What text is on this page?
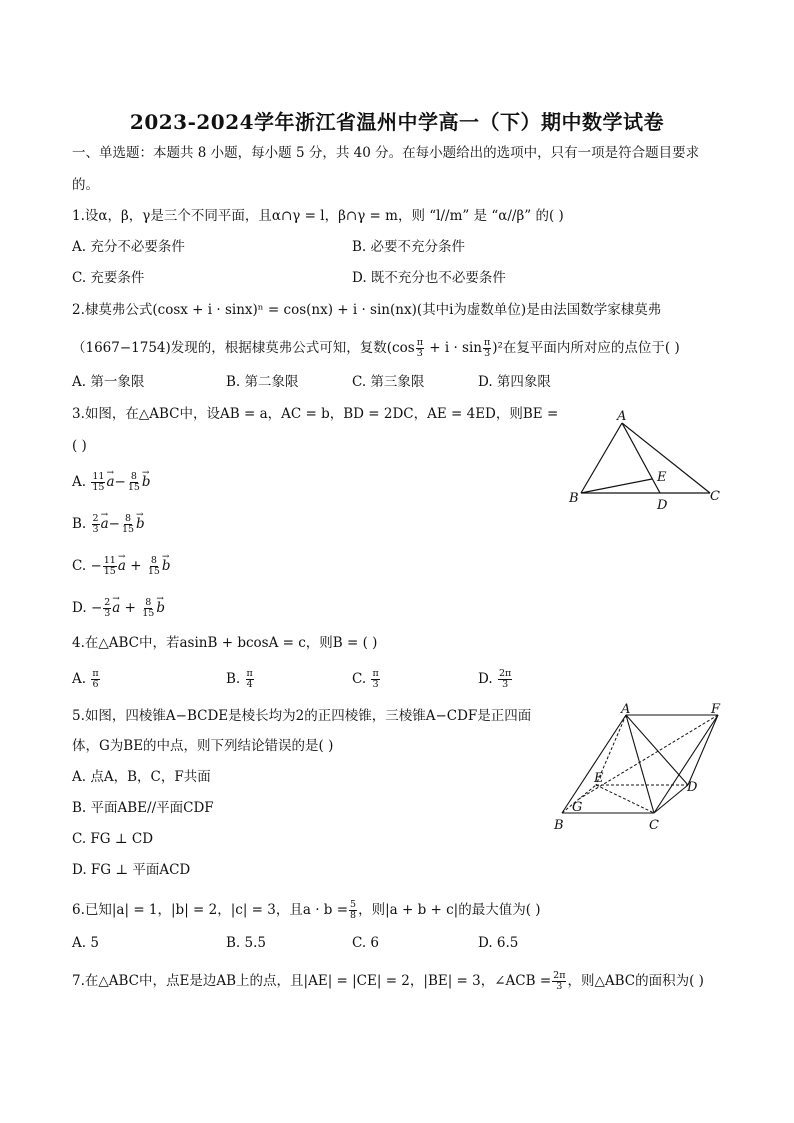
2023-2024学年浙江省温州中学高一（下）期中数学试卷
一、单选题：本题共 8 小题，每小题 5 分，共 40 分。在每小题给出的选项中，只有一项是符合题目要求
的。
1.设α，β，γ是三个不同平面，且α∩γ = l，β∩γ = m，则 “l//m” 是 “α//β” 的( )
A. 充分不必要条件	B. 必要不充分条件
C. 充要条件	D. 既不充分也不必要条件
2.棣莫弗公式(cosx + i · sinx)ⁿ = cos(nx) + i · sin(nx)(其中i为虚数单位)是由法国数学家棣莫弗
（1667−1754)发现的，根据棣莫弗公式可知，复数$(\cos \frac{\pi}{3} + i \cdot \sin \frac{\pi}{3} )^2$在复平面内所对应的点位于( )
A. 第一象限	B. 第二象限	C. 第三象限	D. 第四象限
3.如图，在△ABC中，设AB = a，AC = b，BD = 2DC，AE = 4ED，则BE =
( )
A. $\frac{11}{15}$
→ $a- \frac{8}{15}$
→ b
B. $\frac{2}{3}$
→ $a- \frac{8}{15}$
→ b
C. − $\frac{11}{15}$
→ $a + \frac{8}{15}$
→ b
D. − $\frac{2}{3}$
→ $a + \frac{8}{15}$
→ b
A
B	C
D
E
4.在△ABC中，若asinB + bcosA = c，则B = ( )
A. $\frac{\pi}{6}$	B. $\frac{\pi}{4}$	C. $\frac{\pi}{3}$	D. $\frac{2\pi}{3}$
5.如图，四棱锥A−BCDE是棱长均为2的正四棱锥，三棱锥A−CDF是正四面
体，G为BE的中点，则下列结论错误的是( )
A. 点A，B，C，F共面
B. 平面ABE//平面CDF
C. FG ⊥ CD
D. FG ⊥ 平面ACD
A	F
E
D
G
B	C
6.已知|a| = 1，|b| = 2，|c| = 3，且$a \cdot b = \frac{5}{8}$ ，则|a + b + c|的最大值为( )
A. 5	B. 5.5	C. 6	D. 6.5
7.在△ABC中，点E是边AB上的点，且|AE| = |CE| = 2，|BE| = 3，∠ACB = $\frac{2\pi}{3}$ ，则△ABC的面积为( )
